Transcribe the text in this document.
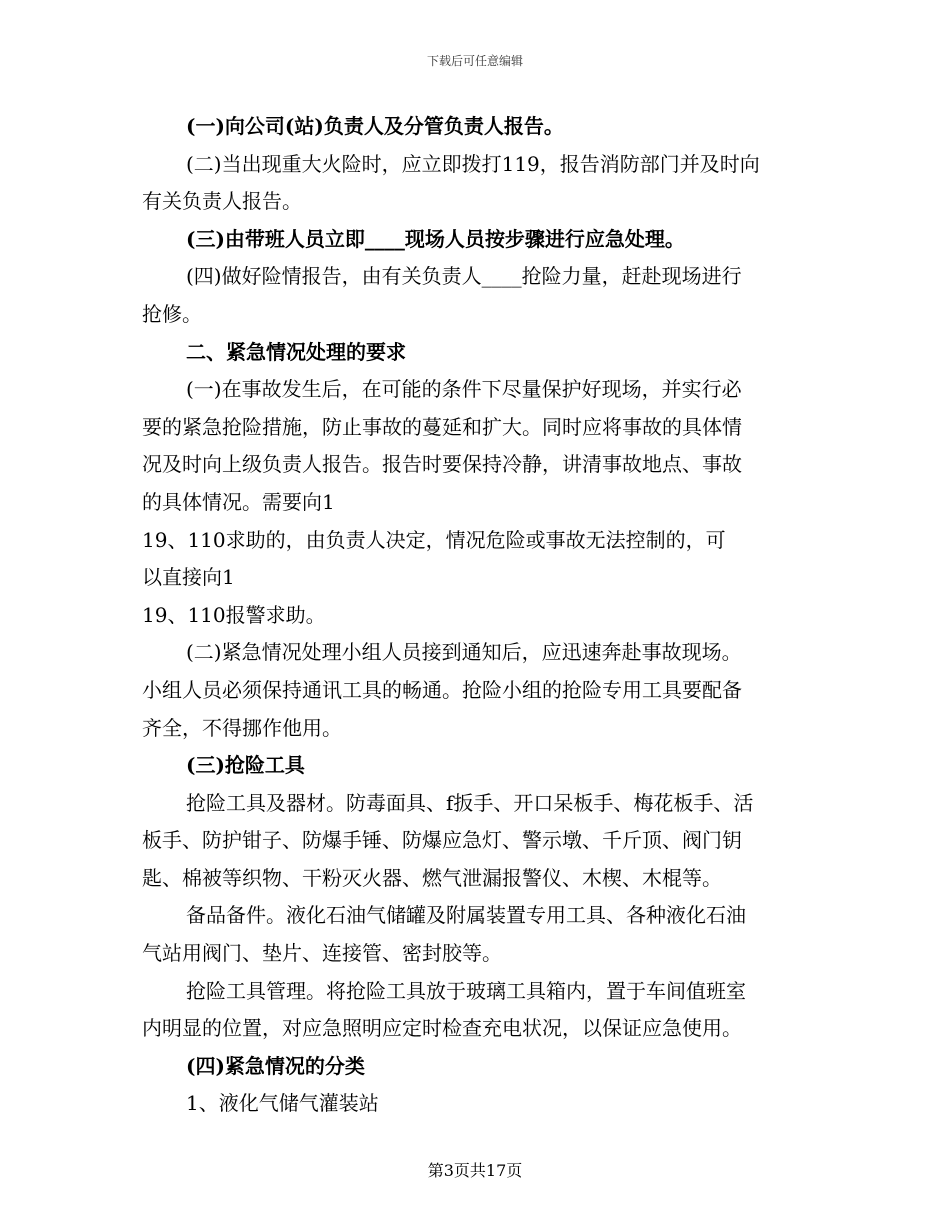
下载后可任意编辑
(一)向公司(站)负责人及分管负责人报告。
(二)当出现重大火险时，应立即拨打119，报告消防部门并及时向
有关负责人报告。
(三)由带班人员立即____现场人员按步骤进行应急处理。
(四)做好险情报告，由有关负责人____抢险力量，赶赴现场进行
抢修。
二、紧急情况处理的要求
(一)在事故发生后，在可能的条件下尽量保护好现场，并实行必
要的紧急抢险措施，防止事故的蔓延和扩大。同时应将事故的具体情
况及时向上级负责人报告。报告时要保持冷静，讲清事故地点、事故
的具体情况。需要向1
19、110求助的，由负责人决定，情况危险或事故无法控制的，可
以直接向1
19、110报警求助。
(二)紧急情况处理小组人员接到通知后，应迅速奔赴事故现场。
小组人员必须保持通讯工具的畅通。抢险小组的抢险专用工具要配备
齐全，不得挪作他用。
(三)抢险工具
抢险工具及器材。防毒面具、f扳手、开口呆板手、梅花板手、活
板手、防护钳子、防爆手锤、防爆应急灯、警示墩、千斤顶、阀门钥
匙、棉被等织物、干粉灭火器、燃气泄漏报警仪、木楔、木棍等。
备品备件。液化石油气储罐及附属装置专用工具、各种液化石油
气站用阀门、垫片、连接管、密封胶等。
抢险工具管理。将抢险工具放于玻璃工具箱内，置于车间值班室
内明显的位置，对应急照明应定时检查充电状况，以保证应急使用。
(四)紧急情况的分类
1、液化气储气灌装站
第3页共17页
